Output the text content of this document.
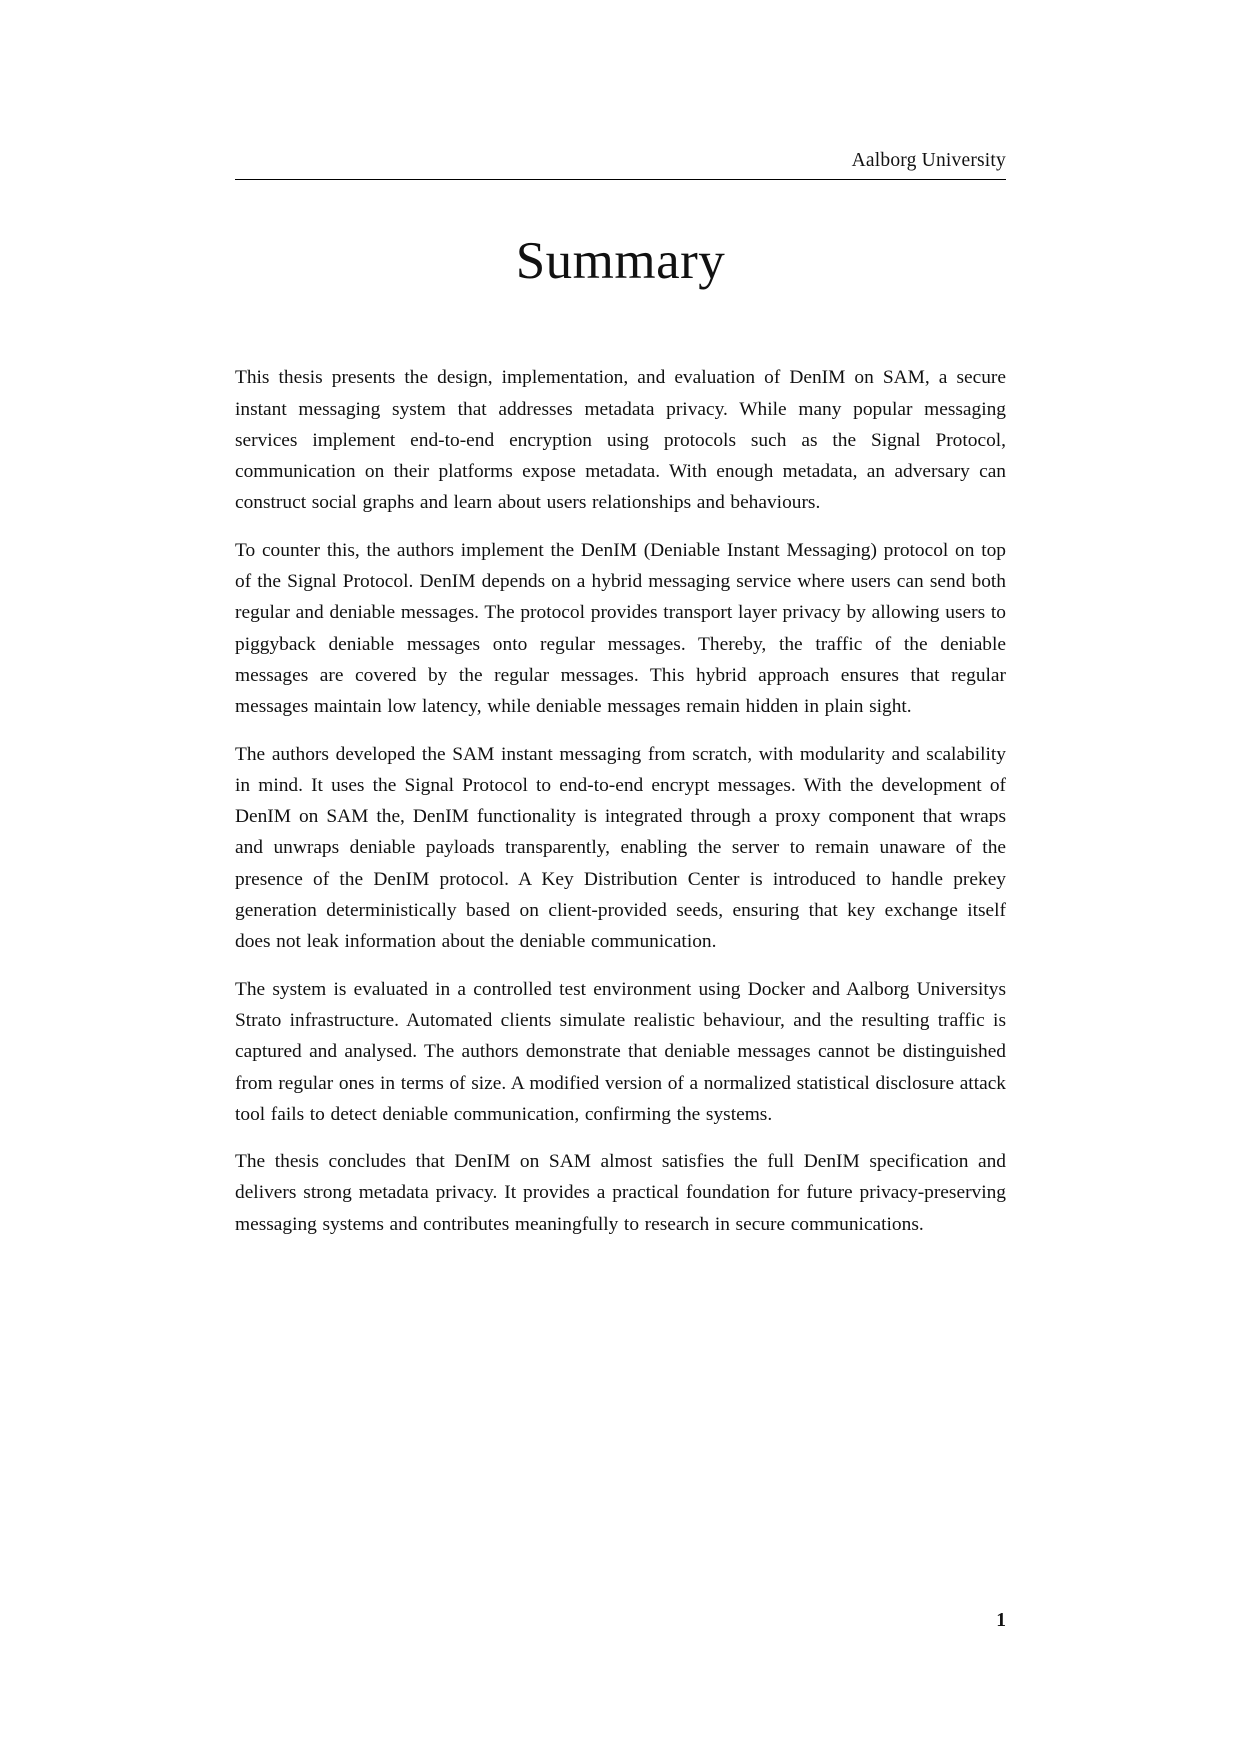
Aalborg University
Summary

This thesis presents the design, implementation, and evaluation of DenIM on SAM, a secure instant messaging system that addresses metadata privacy. While many popular messaging services implement end-to-end encryption using protocols such as the Signal Protocol, communication on their platforms expose metadata. With enough metadata, an adversary can construct social graphs and learn about users relationships and behaviours.

To counter this, the authors implement the DenIM (Deniable Instant Messaging) protocol on top of the Signal Protocol. DenIM depends on a hybrid messaging service where users can send both regular and deniable messages. The protocol provides transport layer privacy by allowing users to piggyback deniable messages onto regular messages. Thereby, the traffic of the deniable messages are covered by the regular messages. This hybrid approach ensures that regular messages maintain low latency, while deniable messages remain hidden in plain sight.

The authors developed the SAM instant messaging from scratch, with modularity and scalability in mind. It uses the Signal Protocol to end-to-end encrypt messages. With the development of DenIM on SAM the, DenIM functionality is integrated through a proxy component that wraps and unwraps deniable payloads transparently, enabling the server to remain unaware of the presence of the DenIM protocol. A Key Distribution Center is introduced to handle prekey generation deterministically based on client-provided seeds, ensuring that key exchange itself does not leak information about the deniable communication.

The system is evaluated in a controlled test environment using Docker and Aalborg Universitys Strato infrastructure. Automated clients simulate realistic behaviour, and the resulting traffic is captured and analysed. The authors demonstrate that deniable messages cannot be distinguished from regular ones in terms of size. A modified version of a normalized statistical disclosure attack tool fails to detect deniable communication, confirming the systems.

The thesis concludes that DenIM on SAM almost satisfies the full DenIM specification and delivers strong metadata privacy. It provides a practical foundation for future privacy-preserving messaging systems and contributes meaningfully to research in secure communications.

1
